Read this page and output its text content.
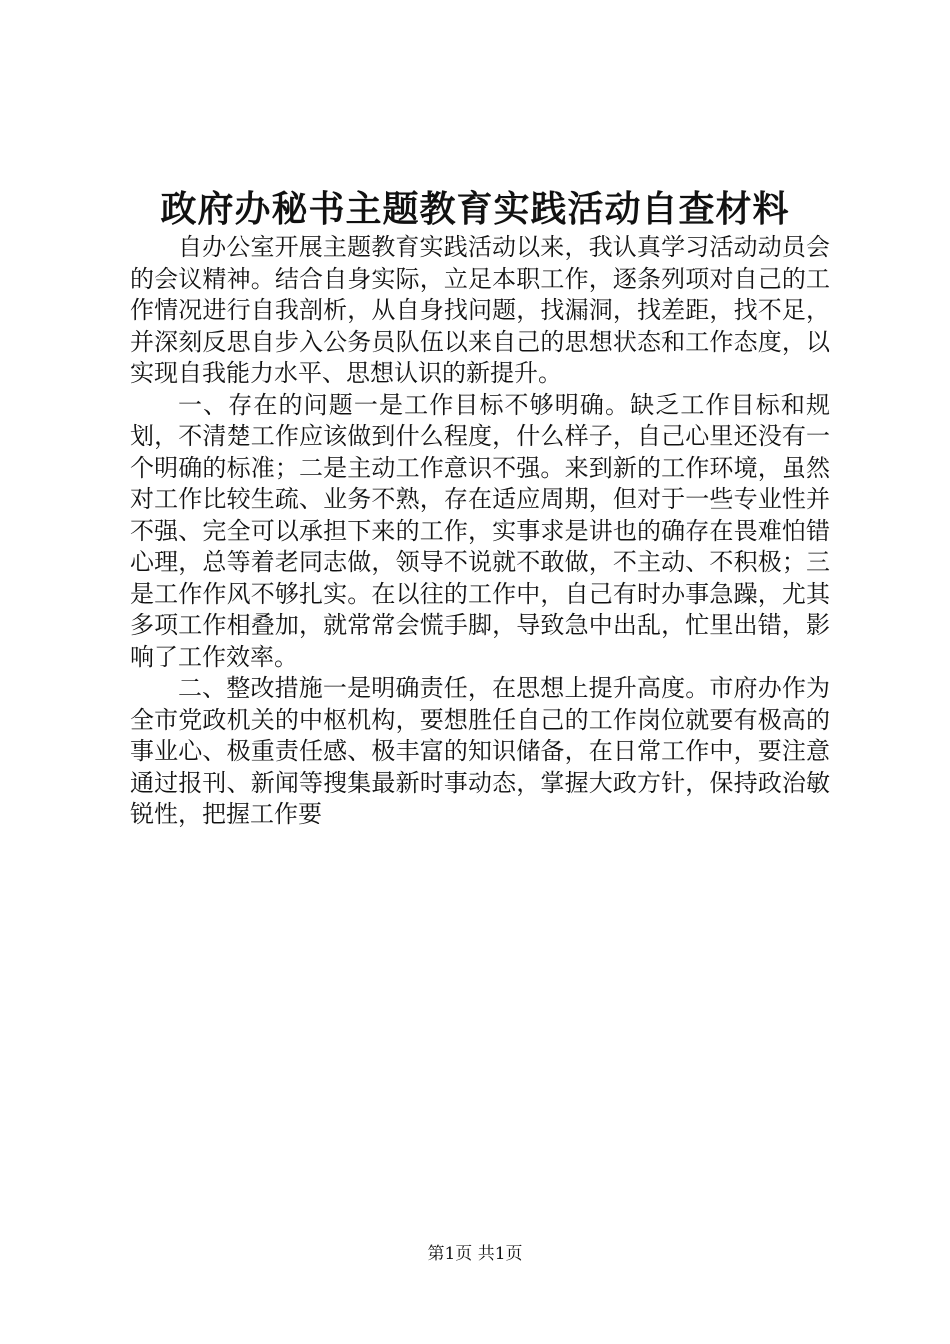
政府办秘书主题教育实践活动自查材料

自办公室开展主题教育实践活动以来，我认真学习活动动员会的会议精神。结合自身实际，立足本职工作，逐条列项对自己的工作情况进行自我剖析，从自身找问题，找漏洞，找差距，找不足，并深刻反思自步入公务员队伍以来自己的思想状态和工作态度，以实现自我能力水平、思想认识的新提升。

一、存在的问题一是工作目标不够明确。缺乏工作目标和规划，不清楚工作应该做到什么程度，什么样子，自己心里还没有一个明确的标准；二是主动工作意识不强。来到新的工作环境，虽然对工作比较生疏、业务不熟，存在适应周期，但对于一些专业性并不强、完全可以承担下来的工作，实事求是讲也的确存在畏难怕错心理，总等着老同志做，领导不说就不敢做，不主动、不积极；三是工作作风不够扎实。在以往的工作中，自己有时办事急躁，尤其多项工作相叠加，就常常会慌手脚，导致急中出乱，忙里出错，影响了工作效率。

二、整改措施一是明确责任，在思想上提升高度。市府办作为全市党政机关的中枢机构，要想胜任自己的工作岗位就要有极高的事业心、极重责任感、极丰富的知识储备，在日常工作中，要注意通过报刊、新闻等搜集最新时事动态，掌握大政方针，保持政治敏锐性，把握工作要

第1页 共1页
